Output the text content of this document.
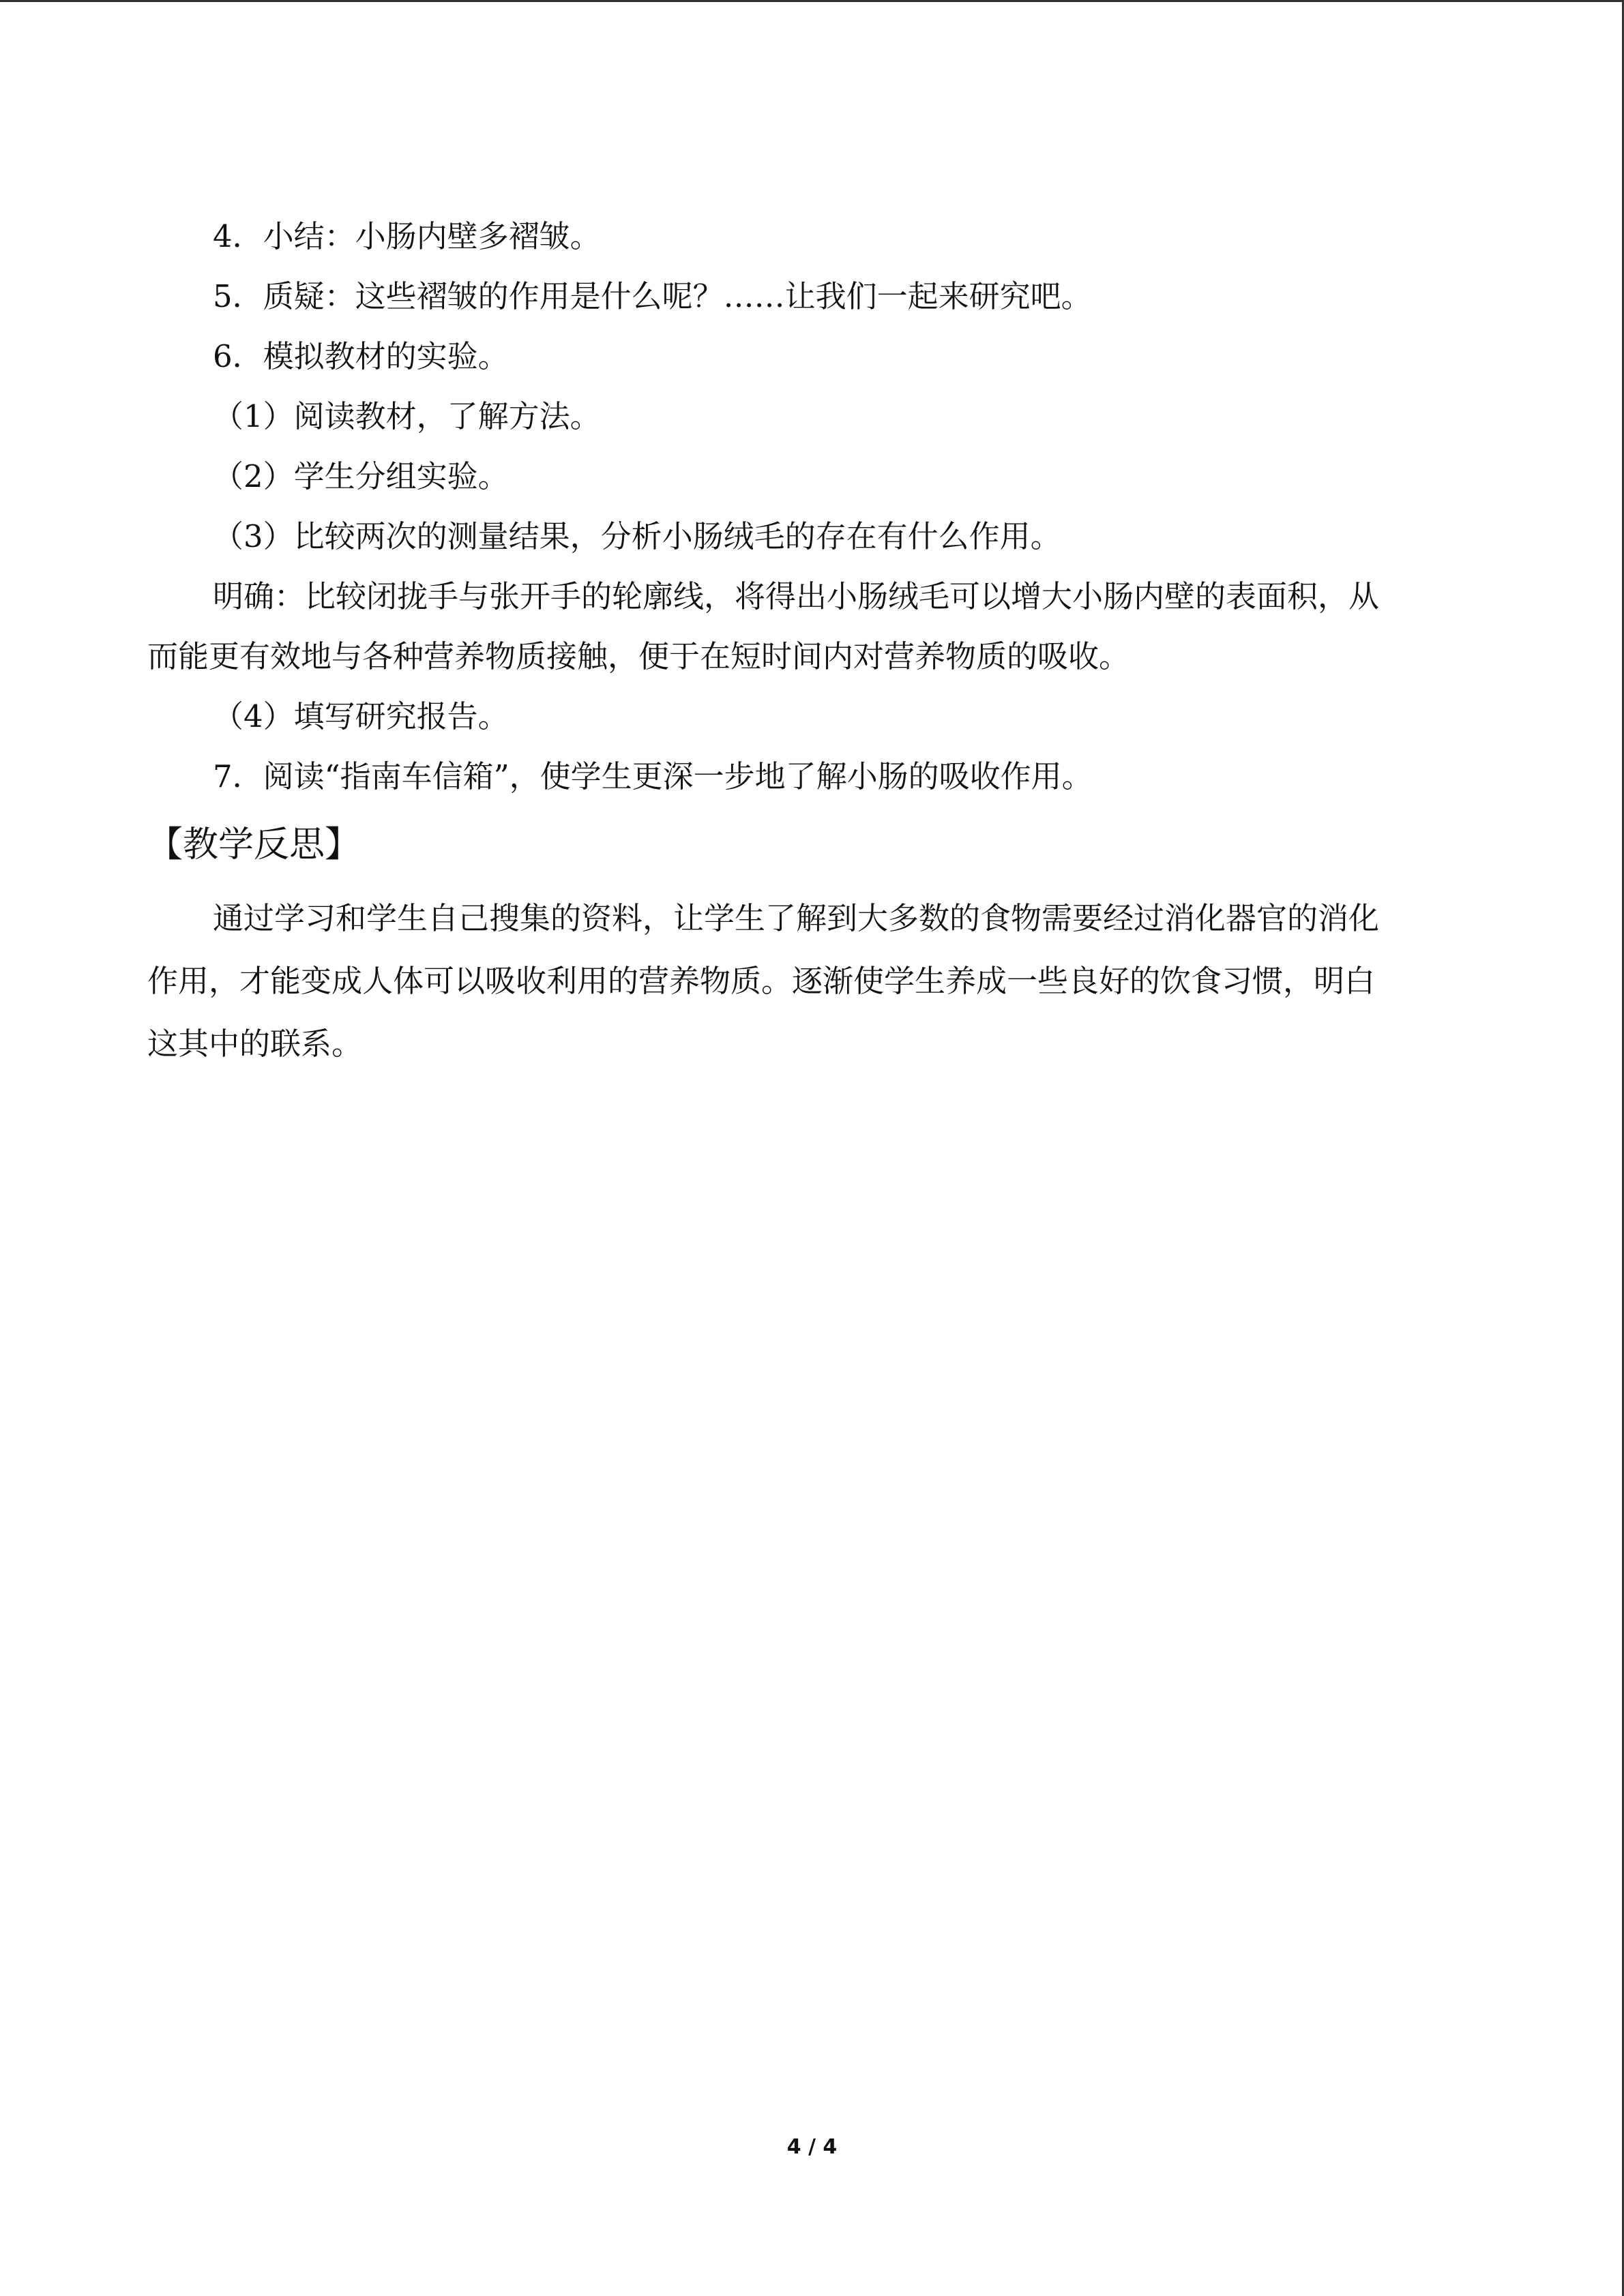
4．小结：小肠内壁多褶皱。
5．质疑：这些褶皱的作用是什么呢？……让我们一起来研究吧。
6．模拟教材的实验。
（1）阅读教材，了解方法。
（2）学生分组实验。
（3）比较两次的测量结果，分析小肠绒毛的存在有什么作用。
明确：比较闭拢手与张开手的轮廓线，将得出小肠绒毛可以增大小肠内壁的表面积，从
而能更有效地与各种营养物质接触，便于在短时间内对营养物质的吸收。
（4）填写研究报告。
7．阅读“指南车信箱”，使学生更深一步地了解小肠的吸收作用。
【教学反思】
通过学习和学生自己搜集的资料，让学生了解到大多数的食物需要经过消化器官的消化
作用，才能变成人体可以吸收利用的营养物质。逐渐使学生养成一些良好的饮食习惯，明白
这其中的联系。
4 / 4
